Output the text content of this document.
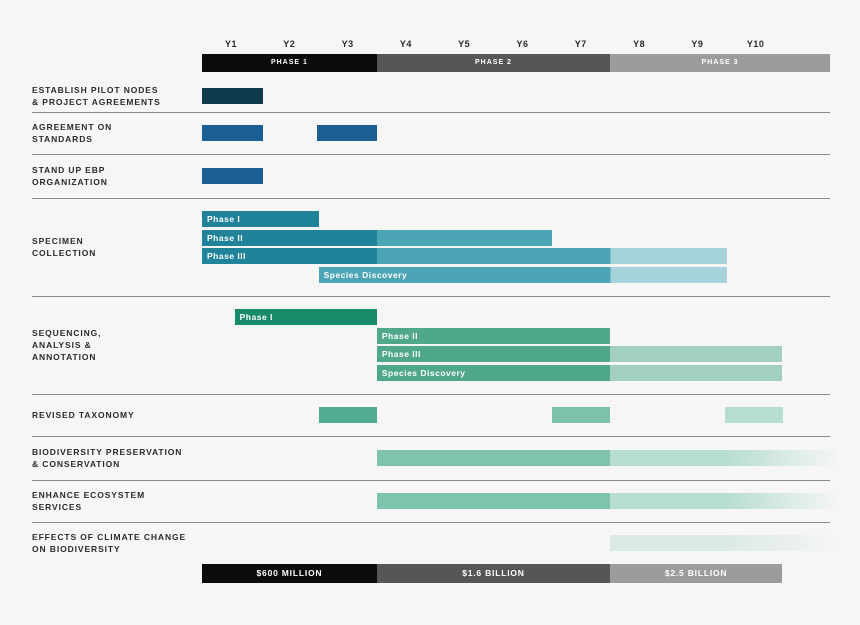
Y1	Y2	Y3	Y4	Y5	Y6	Y7	Y8	Y9	Y10
PHASE 1	PHASE 2	PHASE 3
ESTABLISH PILOT NODES
& PROJECT AGREEMENTS
AGREEMENT ON
STANDARDS
STAND UP EBP
ORGANIZATION
SPECIMEN
COLLECTION
Phase I
Phase II
Phase III
Species Discovery
SEQUENCING,
ANALYSIS &
ANNOTATION
Phase I
Phase II
Phase III
Species Discovery
REVISED TAXONOMY
BIODIVERSITY PRESERVATION
& CONSERVATION
ENHANCE ECOSYSTEM
SERVICES
EFFECTS OF CLIMATE CHANGE
ON BIODIVERSITY
$600 MILLION	$1.6 BILLION	$2.5 BILLION
